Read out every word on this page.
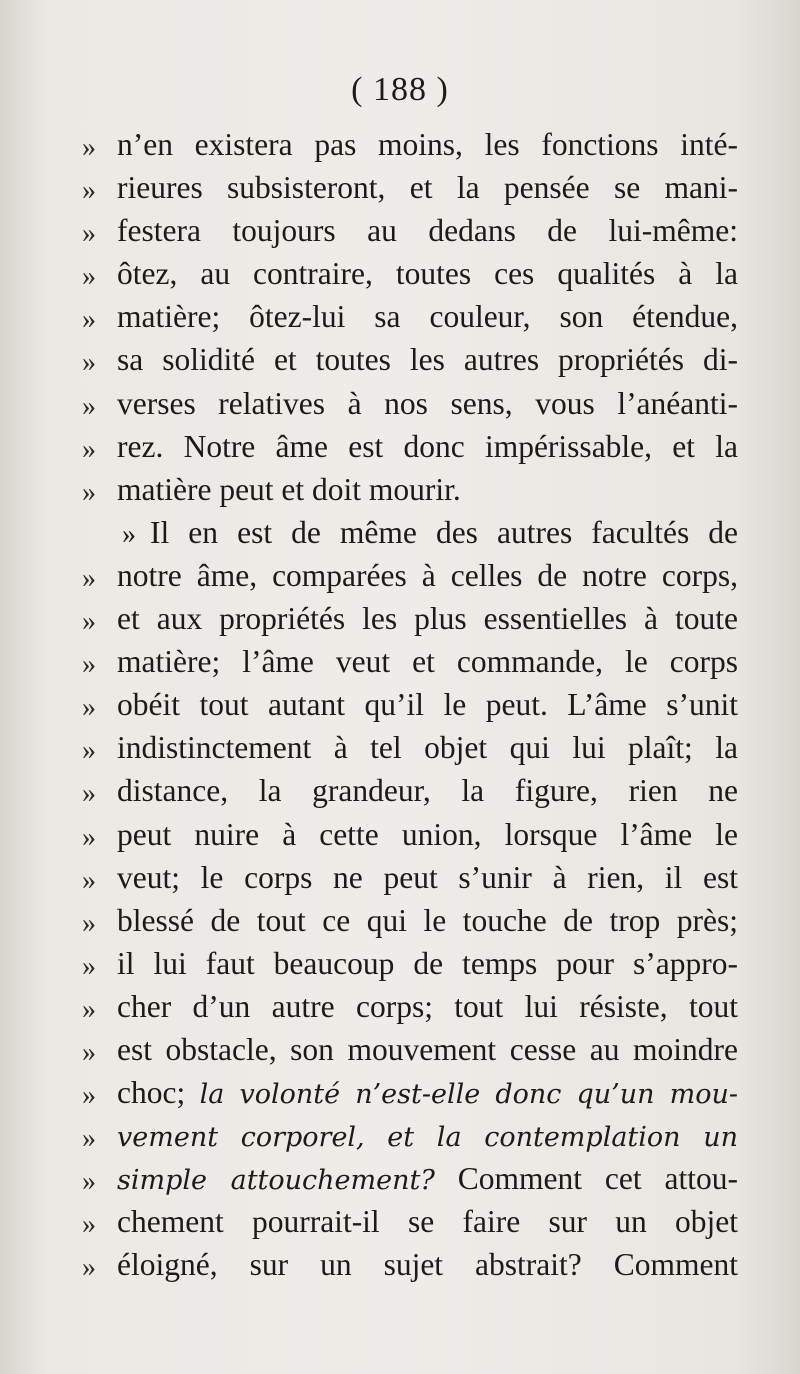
( 188 )
» n’en existera pas moins, les fonctions inté-
» rieures subsisteront, et la pensée se mani-
» festera toujours au dedans de lui-même:
» ôtez, au contraire, toutes ces qualités à la
» matière; ôtez-lui sa couleur, son étendue,
» sa solidité et toutes les autres propriétés di-
» verses relatives à nos sens, vous l’anéanti-
» rez. Notre âme est donc impérissable, et la
» matière peut et doit mourir.
» Il en est de même des autres facultés de
» notre âme, comparées à celles de notre corps,
» et aux propriétés les plus essentielles à toute
» matière; l’âme veut et commande, le corps
» obéit tout autant qu’il le peut. L’âme s’unit
» indistinctement à tel objet qui lui plaît; la
» distance, la grandeur, la figure, rien ne
» peut nuire à cette union, lorsque l’âme le
» veut; le corps ne peut s’unir à rien, il est
» blessé de tout ce qui le touche de trop près;
» il lui faut beaucoup de temps pour s’appro-
» cher d’un autre corps; tout lui résiste, tout
» est obstacle, son mouvement cesse au moindre
» choc; la volonté n’est-elle donc qu’un mou-
» vement corporel, et la contemplation un
» simple attouchement? Comment cet attou-
» chement pourrait-il se faire sur un objet
» éloigné, sur un sujet abstrait? Comment
